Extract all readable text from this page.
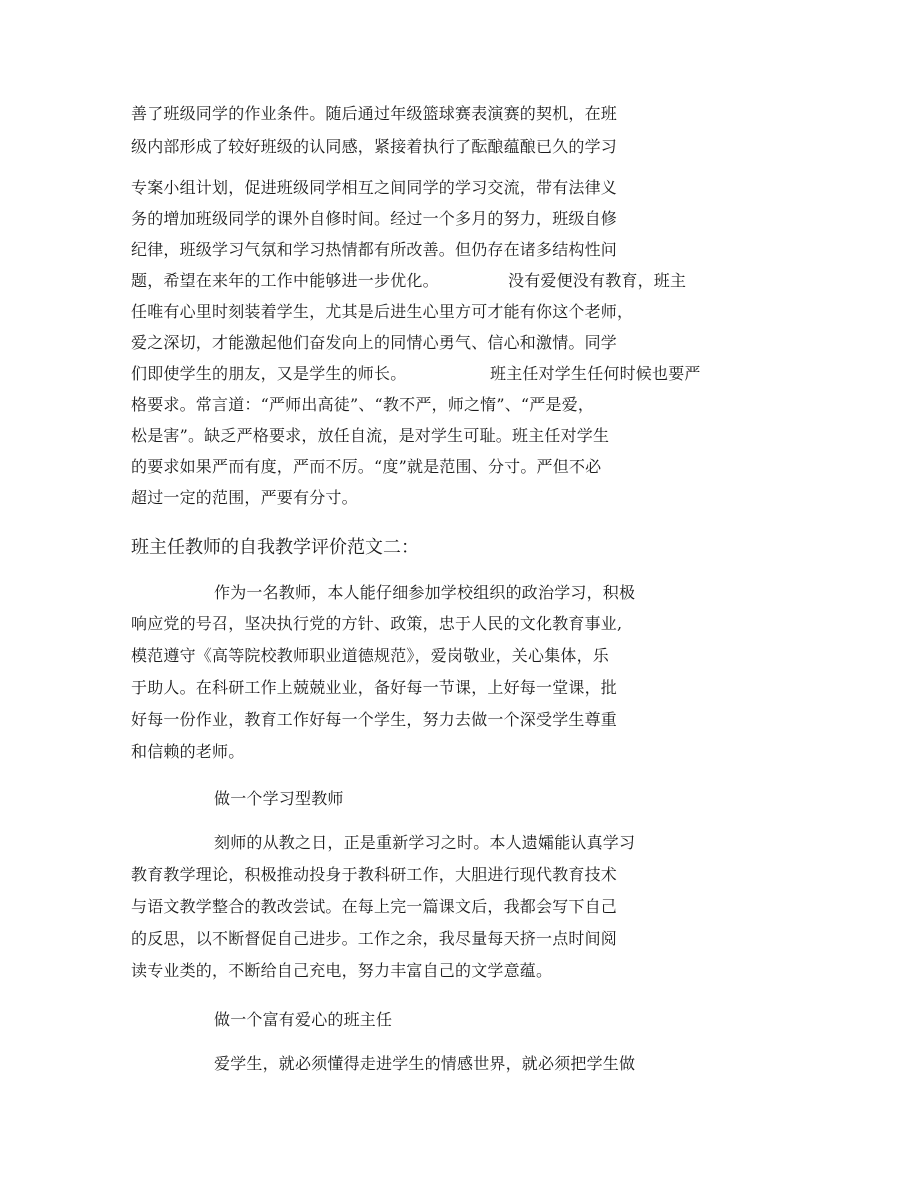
善了班级同学的作业条件。随后通过年级篮球赛表演赛的契机，在班
级内部形成了较好班级的认同感，紧接着执行了酝酿蕴酿已久的学习
专案小组计划，促进班级同学相互之间同学的学习交流，带有法律义
务的增加班级同学的课外自修时间。经过一个多月的努力，班级自修
纪律，班级学习气氛和学习热情都有所改善。但仍存在诸多结构性问
题，希望在来年的工作中能够进一步优化。	没有爱便没有教育，班主
任唯有心里时刻装着学生，尤其是后进生心里方可才能有你这个老师，
爱之深切，才能激起他们奋发向上的同情心勇气、信心和激情。同学
们即使学生的朋友，又是学生的师长。	班主任对学生任何时候也要严
格要求。常言道：“严师出高徒”、“教不严，师之惰”、“严是爱，
松是害”。缺乏严格要求，放任自流，是对学生可耻。班主任对学生
的要求如果严而有度，严而不厉。“度”就是范围、分寸。严但不必
超过一定的范围，严要有分寸。
班主任教师的自我教学评价范文二：
作为一名教师，本人能仔细参加学校组织的政治学习，积极
响应党的号召，坚决执行党的方针、政策，忠于人民的文化教育事业,
模范遵守《高等院校教师职业道德规范》，爱岗敬业，关心集体，乐
于助人。在科研工作上兢兢业业，备好每一节课，上好每一堂课，批
好每一份作业，教育工作好每一个学生，努力去做一个深受学生尊重
和信赖的老师。
做一个学习型教师
刻师的从教之日，正是重新学习之时。本人遗孀能认真学习
教育教学理论，积极推动投身于教科研工作，大胆进行现代教育技术
与语文教学整合的教改尝试。在每上完一篇课文后，我都会写下自己
的反思，以不断督促自己进步。工作之余，我尽量每天挤一点时间阅
读专业类的，不断给自己充电，努力丰富自己的文学意蕴。
做一个富有爱心的班主任
爱学生，就必须懂得走进学生的情感世界，就必须把学生做
